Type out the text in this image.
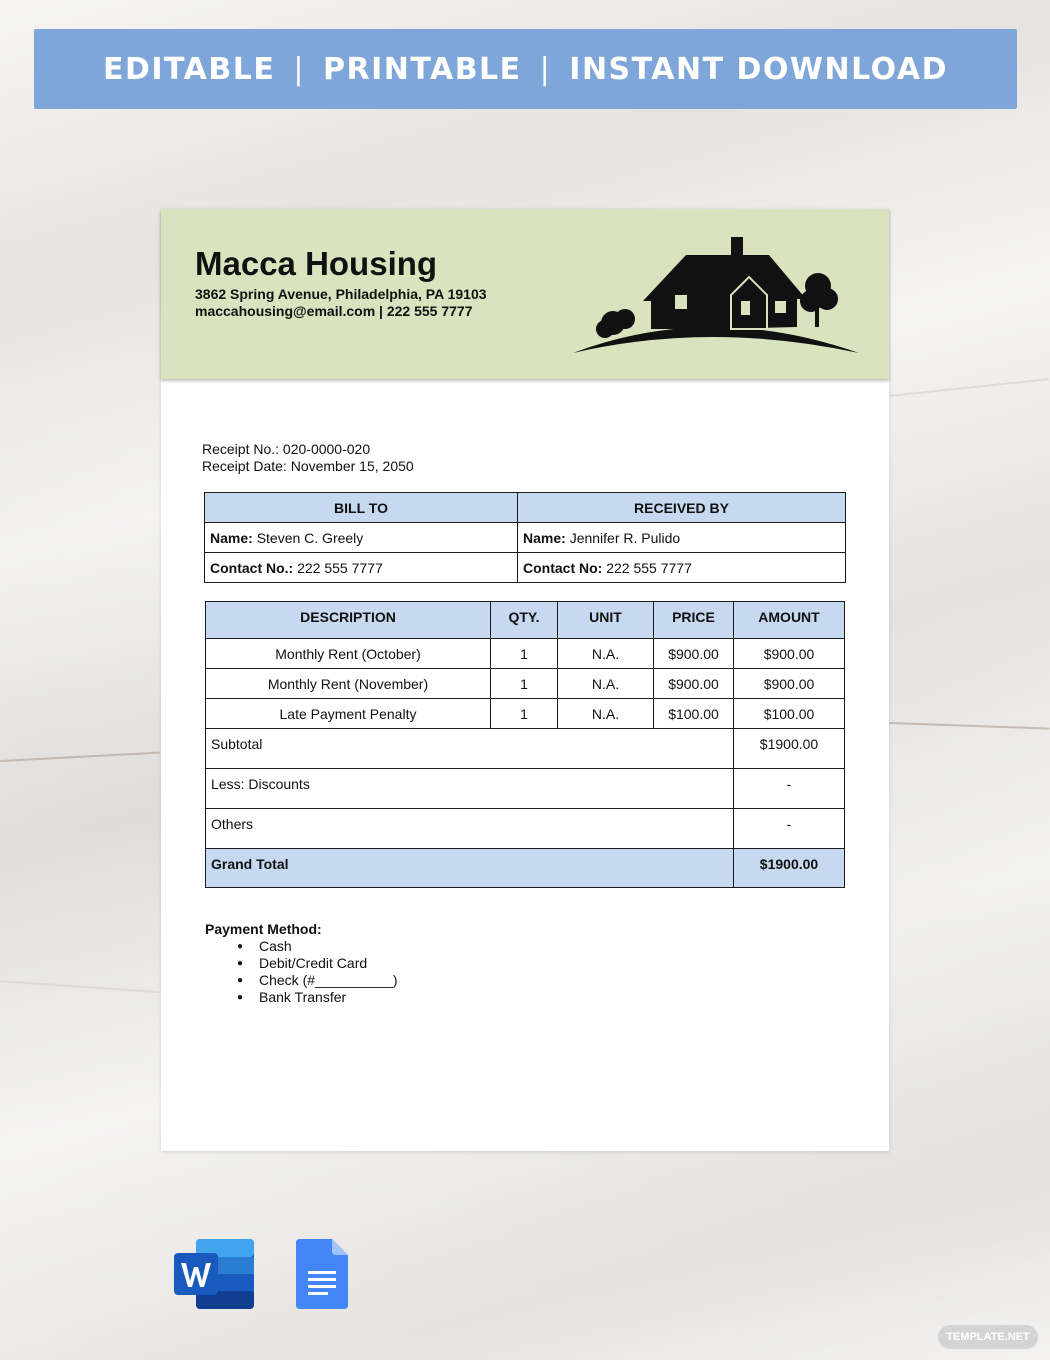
EDITABLE | PRINTABLE | INSTANT DOWNLOAD
Macca Housing
3862 Spring Avenue, Philadelphia, PA 19103
maccahousing@email.com | 222 555 7777
Receipt No.: 020-0000-020
Receipt Date: November 15, 2050
BILL TO	RECEIVED BY
Name: Steven C. Greely	Name: Jennifer R. Pulido
Contact No.: 222 555 7777	Contact No: 222 555 7777
DESCRIPTION	QTY.	UNIT	PRICE	AMOUNT
Monthly Rent (October)	1	N.A.	$900.00	$900.00
Monthly Rent (November)	1	N.A.	$900.00	$900.00
Late Payment Penalty	1	N.A.	$100.00	$100.00
Subtotal				$1900.00
Less: Discounts				-
Others				-
Grand Total				$1900.00
Payment Method:
● Cash
● Debit/Credit Card
● Check (#__________)
● Bank Transfer
TEMPLATE.NET
